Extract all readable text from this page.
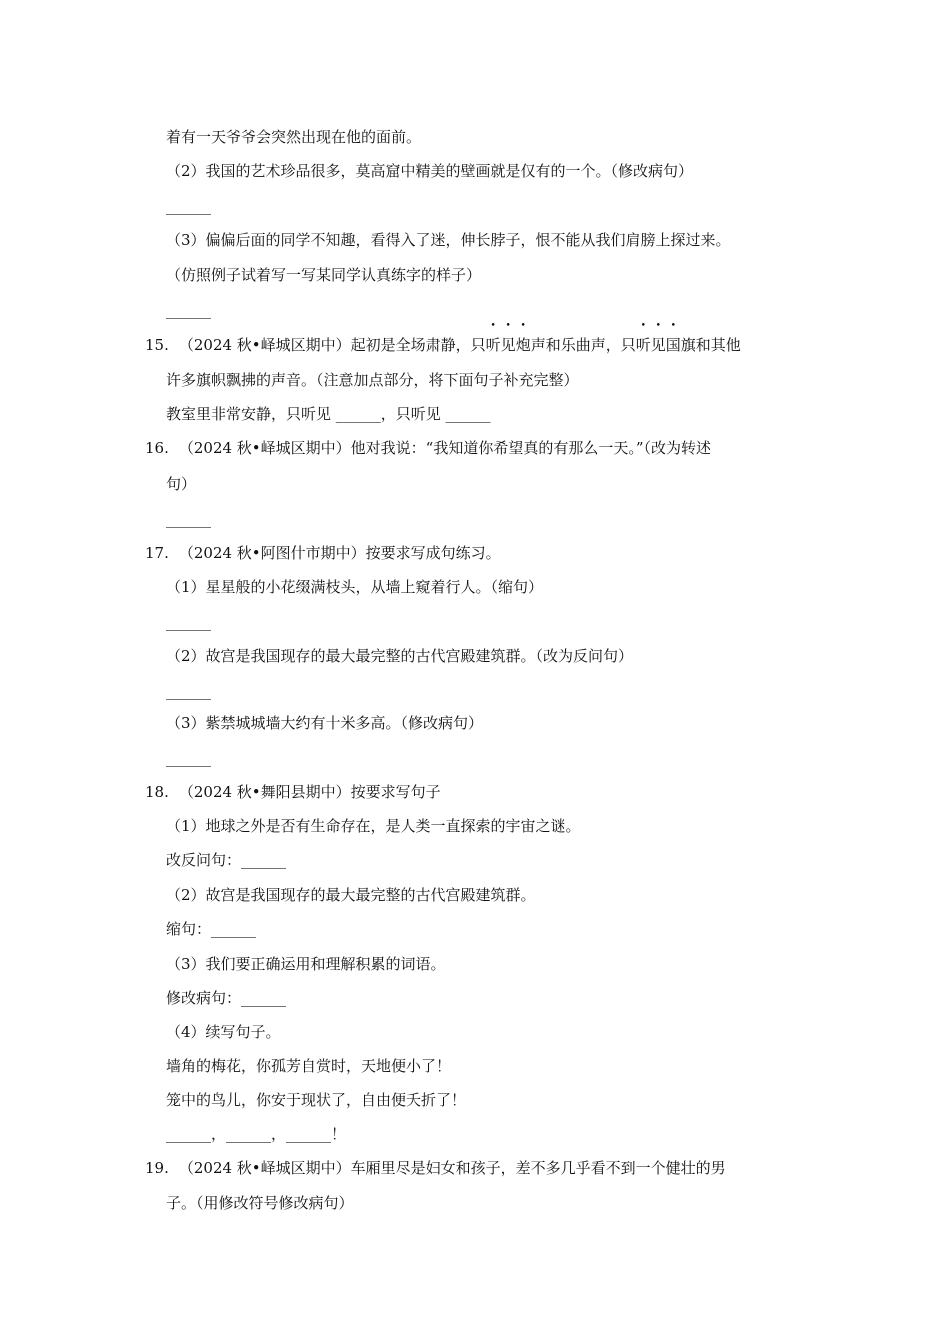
着有一天爷爷会突然出现在他的面前。
（2）我国的艺术珍品很多，莫高窟中精美的壁画就是仅有的一个。（修改病句）
______
（3）偏偏后面的同学不知趣，看得入了迷，伸长脖子，恨不能从我们肩膀上探过来。
（仿照例子试着写一写某同学认真练字的样子）
______
15. （2024 秋•峄城区期中）起初是全场肃静，只听见炮声和乐曲声，只听见国旗和其他
许多旗帜飘拂的声音。（注意加点部分，将下面句子补充完整）
教室里非常安静，只听见 ______，只听见 ______
16. （2024 秋•峄城区期中）他对我说：“我知道你希望真的有那么一天。”（改为转述
句）
______
17. （2024 秋•阿图什市期中）按要求写成句练习。
（1）星星般的小花缀满枝头，从墙上窥着行人。（缩句）
______
（2）故宫是我国现存的最大最完整的古代宫殿建筑群。（改为反问句）
______
（3）紫禁城城墙大约有十米多高。（修改病句）
______
18. （2024 秋•舞阳县期中）按要求写句子
（1）地球之外是否有生命存在，是人类一直探索的宇宙之谜。
改反问句：______
（2）故宫是我国现存的最大最完整的古代宫殿建筑群。
缩句：______
（3）我们要正确运用和理解积累的词语。
修改病句：______
（4）续写句子。
墙角的梅花，你孤芳自赏时，天地便小了！
笼中的鸟儿，你安于现状了，自由便夭折了！
______，______，______！
19. （2024 秋•峄城区期中）车厢里尽是妇女和孩子，差不多几乎看不到一个健壮的男
子。（用修改符号修改病句）
